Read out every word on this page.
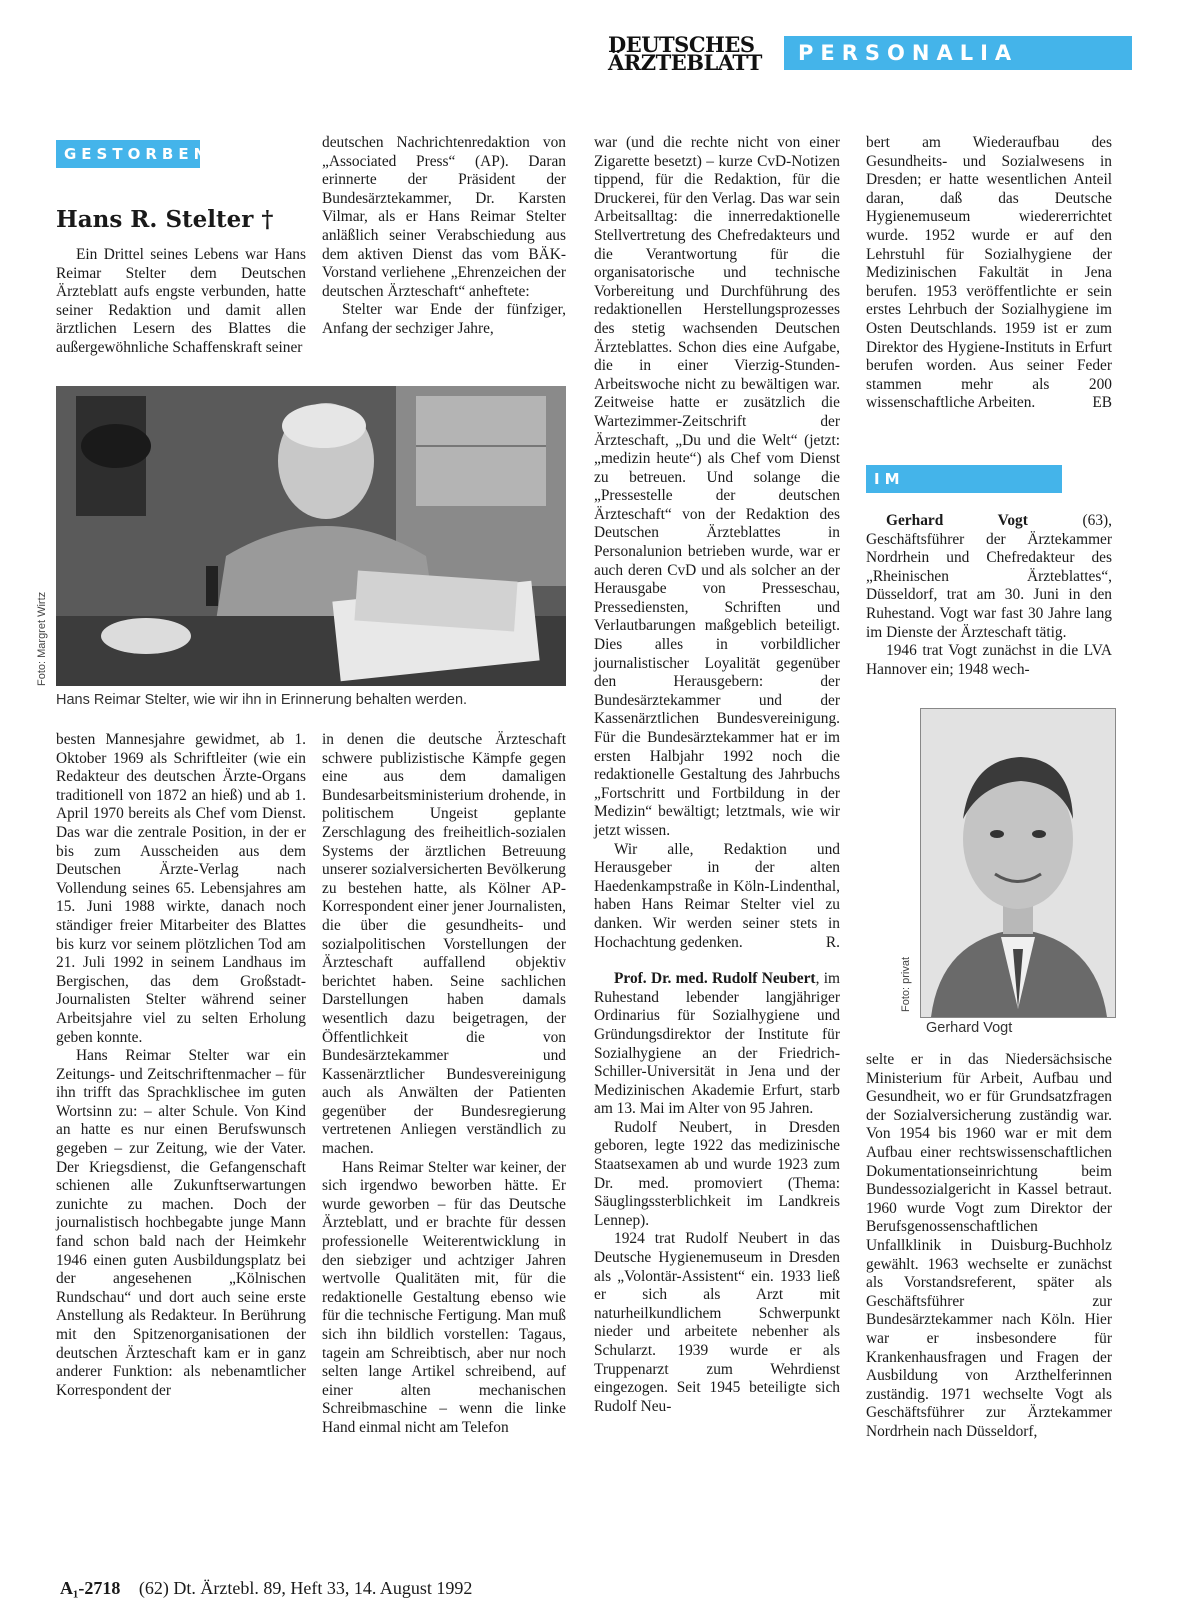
DEUTSCHES
ÄRZTEBLATT	PERSONALIA
GESTORBEN
Hans R. Stelter †

Ein Drittel seines Lebens war Hans Reimar Stelter dem Deutschen Ärzteblatt aufs engste verbunden, hatte seiner Redaktion und damit allen ärztlichen Lesern des Blattes die außergewöhnliche Schaffenskraft seiner

deutschen Nachrichtenredaktion von „Associated Press“ (AP). Daran erinnerte der Präsident der Bundesärztekammer, Dr. Karsten Vilmar, als er Hans Reimar Stelter anläßlich seiner Verabschiedung aus dem aktiven Dienst das vom BÄK-Vorstand verliehene „Ehrenzeichen der deutschen Ärzteschaft“ anheftete:

Stelter war Ende der fünfziger, Anfang der sechziger Jahre,

Foto: Margret Wirtz
Hans Reimar Stelter, wie wir ihn in Erinnerung behalten werden.

besten Mannesjahre gewidmet, ab 1. Oktober 1969 als Schriftleiter (wie ein Redakteur des deutschen Ärzte-Organs traditionell von 1872 an hieß) und ab 1. April 1970 bereits als Chef vom Dienst. Das war die zentrale Position, in der er bis zum Ausscheiden aus dem Deutschen Ärzte-Verlag nach Vollendung seines 65. Lebensjahres am 15. Juni 1988 wirkte, danach noch ständiger freier Mitarbeiter des Blattes bis kurz vor seinem plötzlichen Tod am 21. Juli 1992 in seinem Landhaus im Bergischen, das dem Großstadt-Journalisten Stelter während seiner Arbeitsjahre viel zu selten Erholung geben konnte.

Hans Reimar Stelter war ein Zeitungs- und Zeitschriftenmacher – für ihn trifft das Sprachklischee im guten Wortsinn zu: – alter Schule. Von Kind an hatte es nur einen Berufswunsch gegeben – zur Zeitung, wie der Vater. Der Kriegsdienst, die Gefangenschaft schienen alle Zukunftserwartungen zunichte zu machen. Doch der journalistisch hochbegabte junge Mann fand schon bald nach der Heimkehr 1946 einen guten Ausbildungsplatz bei der angesehenen „Kölnischen Rundschau“ und dort auch seine erste Anstellung als Redakteur. In Berührung mit den Spitzenorganisationen der deutschen Ärzteschaft kam er in ganz anderer Funktion: als nebenamtlicher Korrespondent der

in denen die deutsche Ärzteschaft schwere publizistische Kämpfe gegen eine aus dem damaligen Bundesarbeitsministerium drohende, in politischem Ungeist geplante Zerschlagung des freiheitlich-sozialen Systems der ärztlichen Betreuung unserer sozialversicherten Bevölkerung zu bestehen hatte, als Kölner AP-Korrespondent einer jener Journalisten, die über die gesundheits- und sozialpolitischen Vorstellungen der Ärzteschaft auffallend objektiv berichtet haben. Seine sachlichen Darstellungen haben damals wesentlich dazu beigetragen, der Öffentlichkeit die von Bundesärztekammer und Kassenärztlicher Bundesvereinigung auch als Anwälten der Patienten gegenüber der Bundesregierung vertretenen Anliegen verständlich zu machen.

Hans Reimar Stelter war keiner, der sich irgendwo beworben hätte. Er wurde geworben – für das Deutsche Ärzteblatt, und er brachte für dessen professionelle Weiterentwicklung in den siebziger und achtziger Jahren wertvolle Qualitäten mit, für die redaktionelle Gestaltung ebenso wie für die technische Fertigung. Man muß sich ihn bildlich vorstellen: Tagaus, tagein am Schreibtisch, aber nur noch selten lange Artikel schreibend, auf einer alten mechanischen Schreibmaschine – wenn die linke Hand einmal nicht am Telefon

war (und die rechte nicht von einer Zigarette besetzt) – kurze CvD-Notizen tippend, für die Redaktion, für die Druckerei, für den Verlag. Das war sein Arbeitsalltag: die innerredaktionelle Stellvertretung des Chefredakteurs und die Verantwortung für die organisatorische und technische Vorbereitung und Durchführung des redaktionellen Herstellungsprozesses des stetig wachsenden Deutschen Ärzteblattes. Schon dies eine Aufgabe, die in einer Vierzig-Stunden-Arbeitswoche nicht zu bewältigen war. Zeitweise hatte er zusätzlich die Wartezimmer-Zeitschrift der Ärzteschaft, „Du und die Welt“ (jetzt: „medizin heute“) als Chef vom Dienst zu betreuen. Und solange die „Pressestelle der deutschen Ärzteschaft“ von der Redaktion des Deutschen Ärzteblattes in Personalunion betrieben wurde, war er auch deren CvD und als solcher an der Herausgabe von Presseschau, Pressediensten, Schriften und Verlautbarungen maßgeblich beteiligt. Dies alles in vorbildlicher journalistischer Loyalität gegenüber den Herausgebern: der Bundesärztekammer und der Kassenärztlichen Bundesvereinigung. Für die Bundesärztekammer hat er im ersten Halbjahr 1992 noch die redaktionelle Gestaltung des Jahrbuchs „Fortschritt und Fortbildung in der Medizin“ bewältigt; letztmals, wie wir jetzt wissen.

Wir alle, Redaktion und Herausgeber in der alten Haedenkampstraße in Köln-Lindenthal, haben Hans Reimar Stelter viel zu danken. Wir werden seiner stets in Hochachtung gedenken.	R.

Prof. Dr. med. Rudolf Neubert, im Ruhestand lebender langjähriger Ordinarius für Sozialhygiene und Gründungsdirektor der Institute für Sozialhygiene an der Friedrich-Schiller-Universität in Jena und der Medizinischen Akademie Erfurt, starb am 13. Mai im Alter von 95 Jahren.

Rudolf Neubert, in Dresden geboren, legte 1922 das medizinische Staatsexamen ab und wurde 1923 zum Dr. med. promoviert (Thema: Säuglingssterblichkeit im Landkreis Lennep).

1924 trat Rudolf Neubert in das Deutsche Hygienemuseum in Dresden als „Volontär-Assistent“ ein. 1933 ließ er sich als Arzt mit naturheilkundlichem Schwerpunkt nieder und arbeitete nebenher als Schularzt. 1939 wurde er als Truppenarzt zum Wehrdienst eingezogen. Seit 1945 beteiligte sich Rudolf Neu-

bert am Wiederaufbau des Gesundheits- und Sozialwesens in Dresden; er hatte wesentlichen Anteil daran, daß das Deutsche Hygienemuseum wiedererrichtet wurde. 1952 wurde er auf den Lehrstuhl für Sozialhygiene der Medizinischen Fakultät in Jena berufen. 1953 veröffentlichte er sein erstes Lehrbuch der Sozialhygiene im Osten Deutschlands. 1959 ist er zum Direktor des Hygiene-Instituts in Erfurt berufen worden. Aus seiner Feder stammen mehr als 200 wissenschaftliche Arbeiten.	EB

IM RUHESTAND

Gerhard Vogt (63), Geschäftsführer der Ärztekammer Nordrhein und Chefredakteur des „Rheinischen Ärzteblattes“, Düsseldorf, trat am 30. Juni in den Ruhestand. Vogt war fast 30 Jahre lang im Dienste der Ärzteschaft tätig.

1946 trat Vogt zunächst in die LVA Hannover ein; 1948 wech-

Foto: privat
Gerhard Vogt

selte er in das Niedersächsische Ministerium für Arbeit, Aufbau und Gesundheit, wo er für Grundsatzfragen der Sozialversicherung zuständig war. Von 1954 bis 1960 war er mit dem Aufbau einer rechtswissenschaftlichen Dokumentationseinrichtung beim Bundessozialgericht in Kassel betraut. 1960 wurde Vogt zum Direktor der Berufsgenossenschaftlichen Unfallklinik in Duisburg-Buchholz gewählt. 1963 wechselte er zunächst als Vorstandsreferent, später als Geschäftsführer zur Bundesärztekammer nach Köln. Hier war er insbesondere für Krankenhausfragen und Fragen der Ausbildung von Arzthelferinnen zuständig. 1971 wechselte Vogt als Geschäftsführer zur Ärztekammer Nordrhein nach Düsseldorf,

A₁-2718 (62) Dt. Ärztebl. 89, Heft 33, 14. August 1992
